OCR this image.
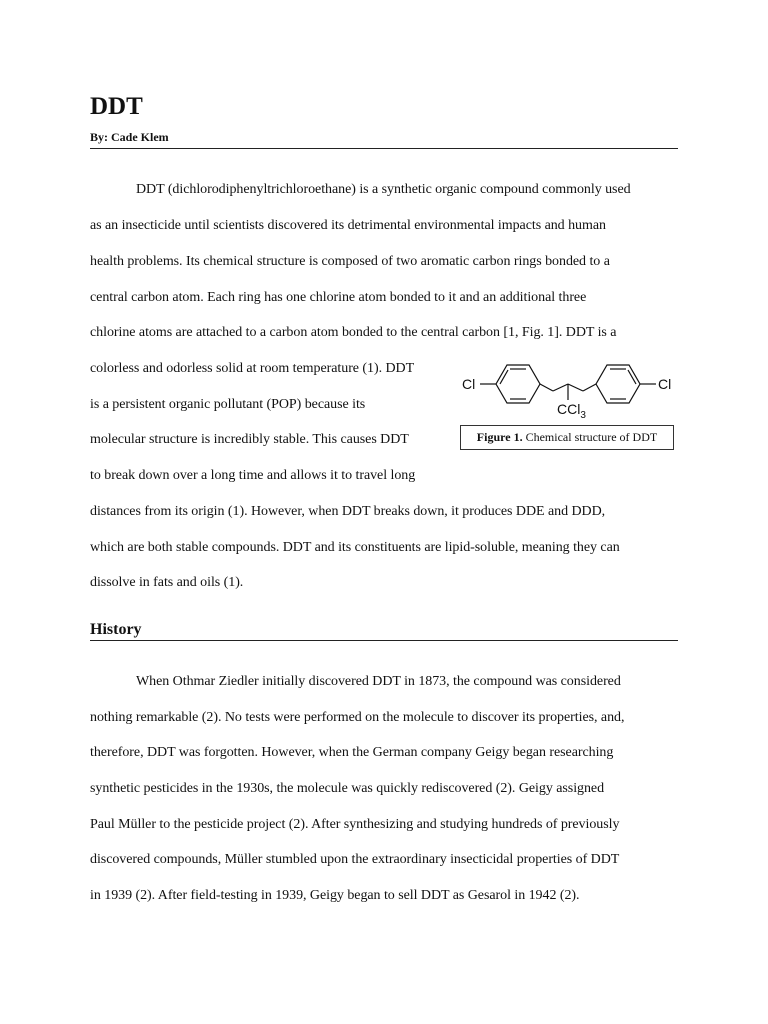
DDT
By: Cade Klem
DDT (dichlorodiphenyltrichloroethane) is a synthetic organic compound commonly used
as an insecticide until scientists discovered its detrimental environmental impacts and human
health problems. Its chemical structure is composed of two aromatic carbon rings bonded to a
central carbon atom. Each ring has one chlorine atom bonded to it and an additional three
chlorine atoms are attached to a carbon atom bonded to the central carbon [1, Fig. 1]. DDT is a
colorless and odorless solid at room temperature (1). DDT
is a persistent organic pollutant (POP) because its
molecular structure is incredibly stable. This causes DDT
to break down over a long time and allows it to travel long
distances from its origin (1). However, when DDT breaks down, it produces DDE and DDD,
which are both stable compounds. DDT and its constituents are lipid-soluble, meaning they can
dissolve in fats and oils (1).
Cl	Cl
CCl$_3$
Figure 1. Chemical structure of DDT
History
When Othmar Ziedler initially discovered DDT in 1873, the compound was considered
nothing remarkable (2). No tests were performed on the molecule to discover its properties, and,
therefore, DDT was forgotten. However, when the German company Geigy began researching
synthetic pesticides in the 1930s, the molecule was quickly rediscovered (2). Geigy assigned
Paul Müller to the pesticide project (2). After synthesizing and studying hundreds of previously
discovered compounds, Müller stumbled upon the extraordinary insecticidal properties of DDT
in 1939 (2). After field-testing in 1939, Geigy began to sell DDT as Gesarol in 1942 (2).
